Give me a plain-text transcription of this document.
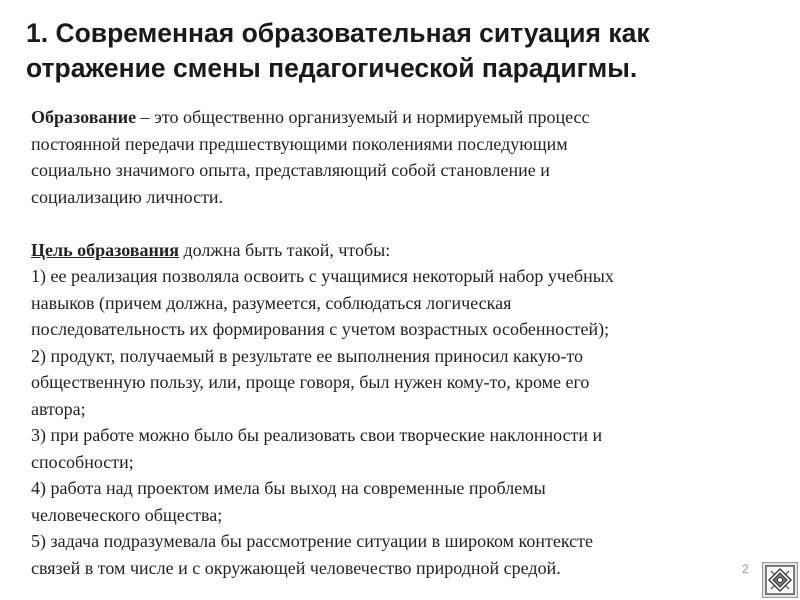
1. Современная образовательная ситуация как
отражение смены педагогической парадигмы.
Образование – это общественно организуемый и нормируемый процесс
постоянной передачи предшествующими поколениями последующим
социально значимого опыта, представляющий собой становление и
социализацию личности.
Цель образования должна быть такой, чтобы:
1) ее реализация позволяла освоить с учащимися некоторый набор учебных
навыков (причем должна, разумеется, соблюдаться логическая
последовательность их формирования с учетом возрастных особенностей);
2) продукт, получаемый в результате ее выполнения приносил какую-то
общественную пользу, или, проще говоря, был нужен кому-то, кроме его
автора;
3) при работе можно было бы реализовать свои творческие наклонности и
способности;
4) работа над проектом имела бы выход на современные проблемы
человеческого общества;
5) задача подразумевала бы рассмотрение ситуации в широком контексте
связей в том числе и с окружающей человечество природной средой.	2
